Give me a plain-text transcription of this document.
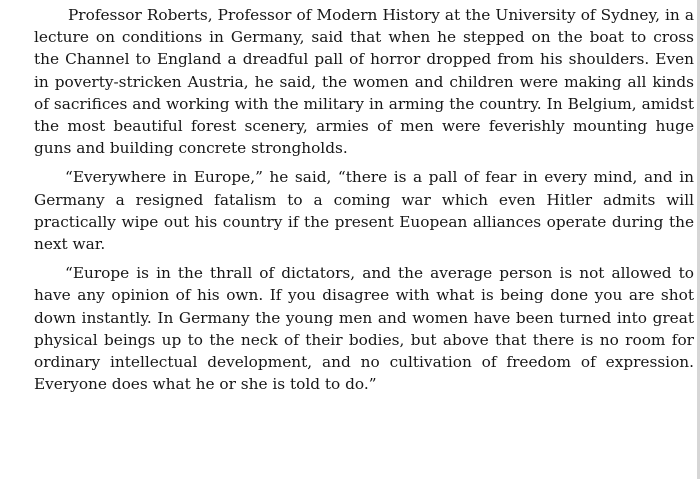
Professor Roberts, Professor of Modern History at the University of Sydney, in a lecture on conditions in Germany, said that when he stepped on the boat to cross the Channel to England a dreadful pall of horror dropped from his shoulders. Even in poverty-stricken Austria, he said, the women and children were making all kinds of sacrifices and working with the military in arming the country. In Belgium, amidst the most beautiful forest scenery, armies of men were feverishly mounting huge guns and building concrete strongholds.

“Everywhere in Europe,” he said, “there is a pall of fear in every mind, and in Germany a resigned fatalism to a coming war which even Hitler admits will practically wipe out his country if the present Euopean alliances operate during the next war.

“Europe is in the thrall of dictators, and the average person is not allowed to have any opinion of his own. If you disagree with what is being done you are shot down instantly. In Germany the young men and women have been turned into great physical beings up to the neck of their bodies, but above that there is no room for ordinary intellectual development, and no cultivation of freedom of expression. Everyone does what he or she is told to do.”
